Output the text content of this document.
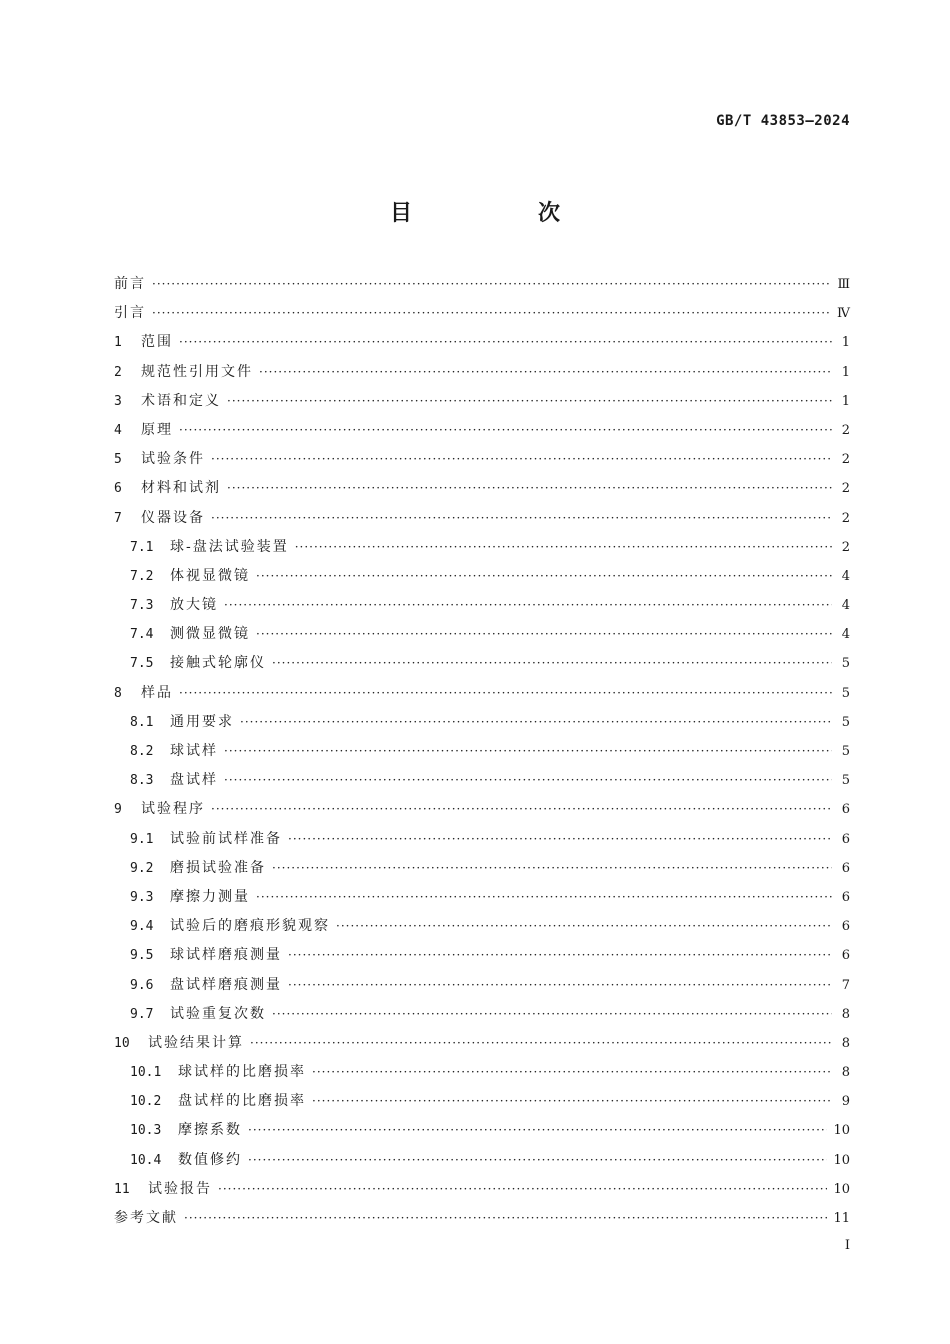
GB/T 43853—2024
目　次
前言 ·····	Ⅲ
引言 ·····	Ⅳ
1	范围 ·····	1
2	规范性引用文件 ·····	1
3	术语和定义 ·····	1
4	原理 ·····	2
5	试验条件 ·····	2
6	材料和试剂 ·····	2
7	仪器设备 ·····	2
7.1	球-盘法试验装置 ·····	2
7.2	体视显微镜 ·····	4
7.3	放大镜 ·····	4
7.4	测微显微镜 ·····	4
7.5	接触式轮廓仪 ·····	5
8	样品 ·····	5
8.1	通用要求 ·····	5
8.2	球试样 ·····	5
8.3	盘试样 ·····	5
9	试验程序 ·····	6
9.1	试验前试样准备 ·····	6
9.2	磨损试验准备 ·····	6
9.3	摩擦力测量 ·····	6
9.4	试验后的磨痕形貌观察 ·····	6
9.5	球试样磨痕测量 ·····	6
9.6	盘试样磨痕测量 ·····	7
9.7	试验重复次数 ·····	8
10	试验结果计算 ·····	8
10.1	球试样的比磨损率 ·····	8
10.2	盘试样的比磨损率 ·····	9
10.3	摩擦系数 ·····	10
10.4	数值修约 ·····	10
11	试验报告 ·····	10
参考文献 ·····	11
I
